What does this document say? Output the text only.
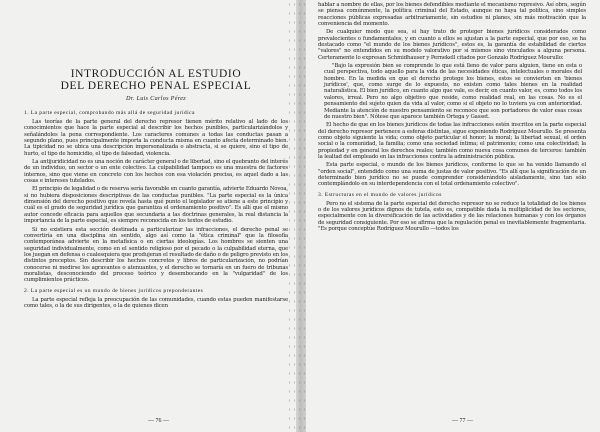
INTRODUCCIÓN AL ESTUDIO
DEL DERECHO PENAL ESPECIAL
Dr. Luis Carlos Pérez
1. La parte especial, comprobando más allá de seguridad jurídica

Las teorías de la parte general del derecho represor tienen mérito relativo al lado de los conocimientos que hace la parte especial al describir los hechos punibles, particularizándolos y señalándoles la pena correspondiente. Los caracteres comunes a todas las conductas pasan a segundo plano, pues principalmente importa la conducta misma en cuanto afecta determinado bien. La tipicidad no se ubica una descripción impersonalizada o abstracta, si se quiere, sino el tipo de hurto, el tipo de homicidio, el tipo de falsedad, violencia.

La antijuridicidad no es una noción de carácter general o de libertad, sino el quebranto del interés de un individuo, un sector o un ente colectivo. La culpabilidad tampoco es una muestra de factores internos, sino que viene en concreto con los hechos con esa violación precisa, es aquel dado a las cosas e intereses tutelados.

El principio de legalidad o de reserva sería favorable en cuanto garantía, advierte Eduardo Novoa, si no hubiera disposiciones descriptivas de las conductas punibles. "La parte especial es la única dimensión del derecho positivo que revela hasta qué punto el legislador se atiene a este principio y cuál es el grado de seguridad jurídica que garantiza el ordenamiento positivo". Es allí que el mismo autor concede eficacia para aquellos que secundaria a las doctrinas generales, la real distancia la importancia de la parte especial, es siempre reconocida en los textos de estudio.

Si no existiera esta sección destinada a particularizar las infracciones, el derecho penal se convertiría en una disciplina sin sentido, algo así como la "ética criminal" que la filosofía contemporánea advierte en la metafísica o en ciertas ideologías. Los hombres se sienten una seguridad individualmente, como en el sentido religioso por el pecado o la culpabilidad eterna, que los juegan en defensa o cualesquiera que produjeran el resultado de daño o de peligro previsto en los distintos preceptos. Sin describir los hechos concretos y libres de particularización, no podrían conocerse ni medirse los agravantes o atenuantes, y el derecho se tornaría en un fuero de tribunas moralistas, desconociendo del proceso teórico y desembocando en la "vulgaridad" de los cumplimientos prácticos.

2. La parte especial es un mundo de bienes jurídicos preponderantes

La parte especial refleja la preocupación de las comunidades, cuando estas pueden manifestarse como tales, o la de sus dirigentes, o la de quienes dicen

— 76 —

hablar a nombre de ellas, por los bienes defendibles mediante el mecanismo represivo. Así obra, según se piensa comúnmente, la política criminal del Estado, aunque no haya tal política, sino simples reacciones públicas expresadas arbitrariamente, sin estudios ni planes, sin más motivación que la conveniencia del momento.

De cualquier modo que sea, si hay trato de proteger bienes jurídicos considerados como prevalecientes o fundamentales, y en cuanto a ellos se ajustan a la parte especial, que por eso, se ha destacado como "el mundo de los bienes jurídicos", estos es, la garantía de estabilidad de ciertos "valores" no entendidos en su modelo valorativo por sí mismos sino vinculados a alguna persona. Certeramente lo expresan Schmidhauser y Pernekell citados por Gonzalo Rodríguez Mourullo:

"Bajo la expresión bien se comprende lo que está lleno de valor para alguien, tiene en esta o cual perspectiva, todo aquello para la vida de las necesidades éticas, intelectuales o morales del hombre. En la medida en que el derecho protege los bienes, estos se convierten en 'bienes jurídicos', que, como surge de lo expuesto, no existen como tales bienes en la realidad naturalística. El bien jurídico, en cuanto algo que vale, es decir, en cuanto valor, es, como todos los valores, irreal. Pero no algo objetivo que reside, como realidad real, en las cosas. No es el pensamiento del sujeto quien da vida al valor, como si el objeto no lo tuviera ya con anterioridad. Mediante la atención de nuestro pensamiento se reconoce que son portadores de valor esas cosas de nuestro bien". Nótese que aparece también Ortega y Gasset.

El hecho de que en los bienes jurídicos de todas las infracciones estén inscritos en la parte especial del derecho represor pertenece a esferas distintas, sigue exponiendo Rodríguez Mourullo. Se presenta como objeto siguiente la vida; como objeto particular el honor; la moral; la libertad sexual, el orden social o la comunidad, la familia; como una sociedad íntima; el patrimonio; como una colectividad; la propiedad y en general los derechos reales; también como nueva cosa comunes de terceros: también la lealtad del empleado en las infracciones contra la administración pública.

Esta parte especial, o mundo de los bienes jurídicos, conforme lo que se ha venido llamando el "orden social", entendido como una suma de justas de valor positivo. "Es allí que la significación de un determinado bien jurídico no se puede comprender considerándolo aisladamente, sino tan sólo contemplándolo en su interdependencia con el total ordenamiento colectivo".

3. Estructuras en el mundo de valores jurídicos

Pero no el sistema de la parte especial del derecho represor no se reduce la totalidad de los bienes o de los valores jurídicos dignos de tutela, esto es, compatible dada la multiplicidad de los sectores, especialmente con la diversificación de las actividades y de las relaciones humanas y con los órganos de seguridad consiguiente. Por eso se afirma que la regulación penal es inevitablemente fragmentaria. "Es porque conceptúe Rodríguez Mourullo —todos los

— 77 —
